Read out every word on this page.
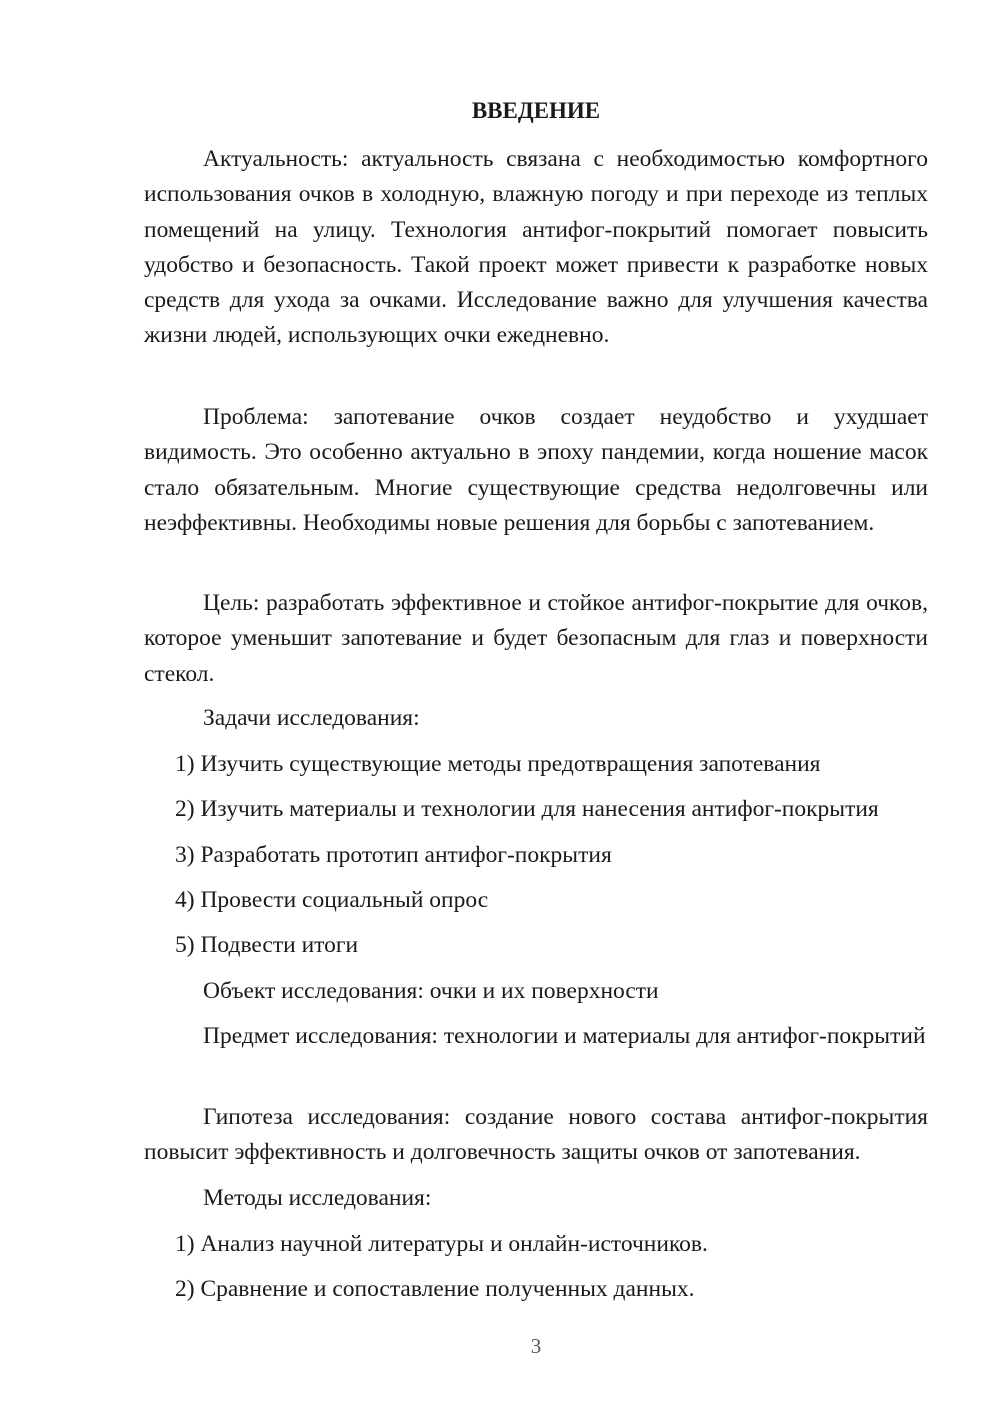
ВВЕДЕНИЕ

Актуальность: актуальность связана с необходимостью комфортного использования очков в холодную, влажную погоду и при переходе из теплых помещений на улицу. Технология антифог-покрытий помогает повысить удобство и безопасность. Такой проект может привести к разработке новых средств для ухода за очками. Исследование важно для улучшения качества жизни людей, использующих очки ежедневно.

Проблема: запотевание очков создает неудобство и ухудшает видимость. Это особенно актуально в эпоху пандемии, когда ношение масок стало обязательным. Многие существующие средства недолговечны или неэффективны. Необходимы новые решения для борьбы с запотеванием.

Цель: разработать эффективное и стойкое антифог-покрытие для очков, которое уменьшит запотевание и будет безопасным для глаз и поверхности стекол.

Задачи исследования:

1) Изучить существующие методы предотвращения запотевания

2) Изучить материалы и технологии для нанесения антифог-покрытия

3) Разработать прототип антифог-покрытия

4) Провести социальный опрос

5) Подвести итоги

Объект исследования: очки и их поверхности

Предмет исследования: технологии и материалы для антифог-покрытий

Гипотеза исследования: создание нового состава антифог-покрытия повысит эффективность и долговечность защиты очков от запотевания.

Методы исследования:

1) Анализ научной литературы и онлайн-источников.

2) Сравнение и сопоставление полученных данных.

3
